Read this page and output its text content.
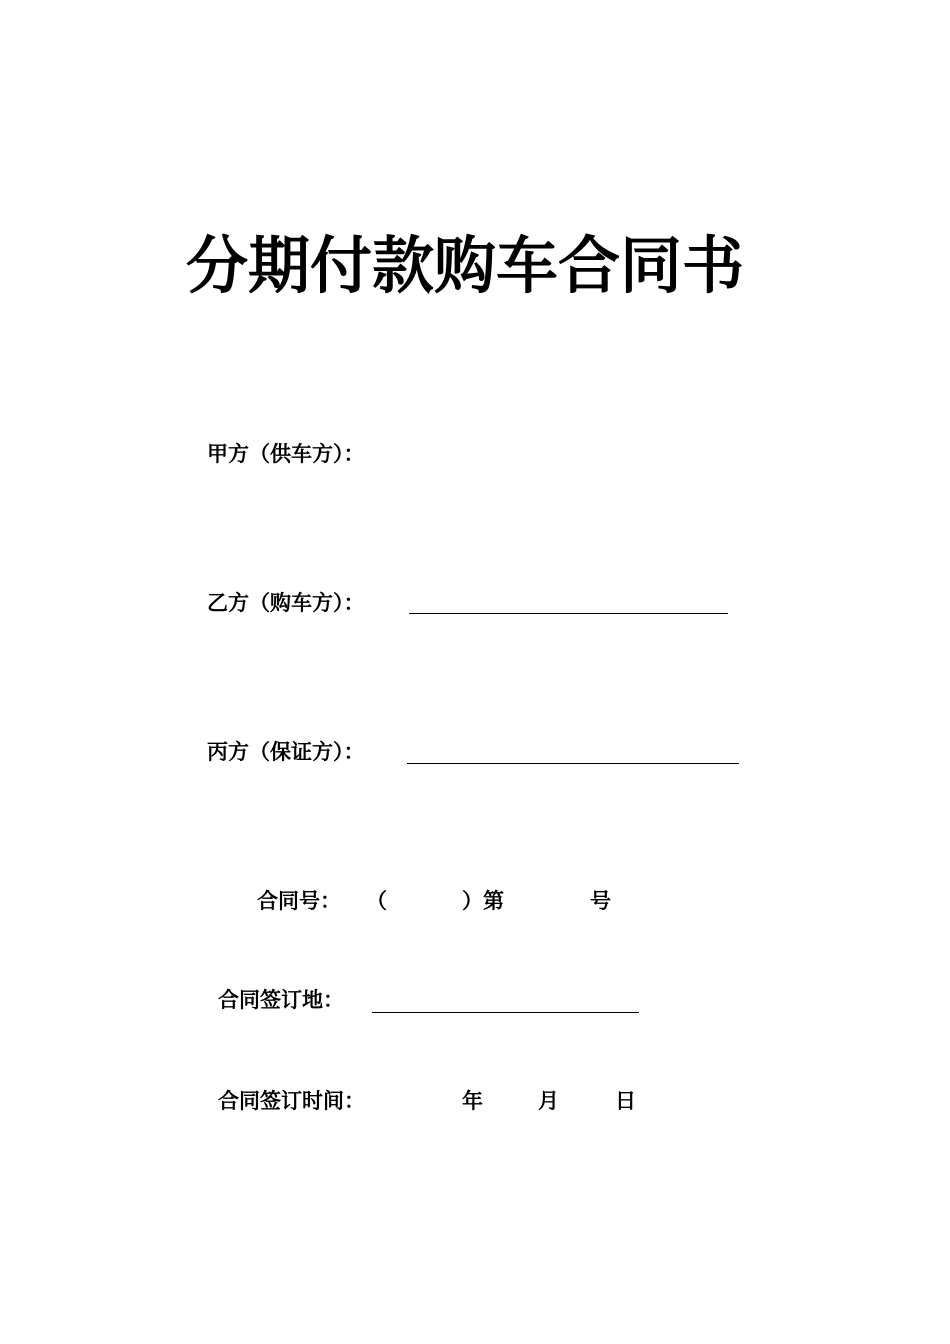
分期付款购车合同书
甲方（供车方）：
乙方（购车方）：
丙方（保证方）：
合同号： （	）第	号
合同签订地：
合同签订时间：	年	月	日
